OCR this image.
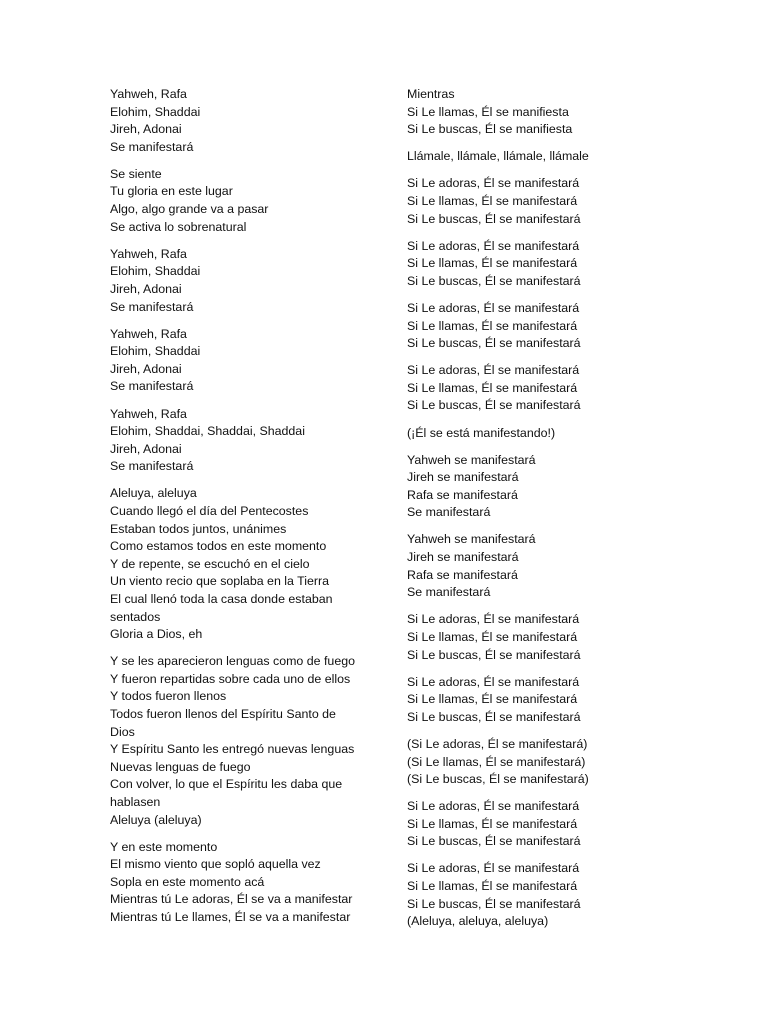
Yahweh, Rafa
Elohim, Shaddai
Jireh, Adonai
Se manifestará
Se siente
Tu gloria en este lugar
Algo, algo grande va a pasar
Se activa lo sobrenatural
Yahweh, Rafa
Elohim, Shaddai
Jireh, Adonai
Se manifestará
Yahweh, Rafa
Elohim, Shaddai
Jireh, Adonai
Se manifestará
Yahweh, Rafa
Elohim, Shaddai, Shaddai, Shaddai
Jireh, Adonai
Se manifestará
Aleluya, aleluya
Cuando llegó el día del Pentecostes
Estaban todos juntos, unánimes
Como estamos todos en este momento
Y de repente, se escuchó en el cielo
Un viento recio que soplaba en la Tierra
El cual llenó toda la casa donde estaban
sentados
Gloria a Dios, eh
Y se les aparecieron lenguas como de fuego
Y fueron repartidas sobre cada uno de ellos
Y todos fueron llenos
Todos fueron llenos del Espíritu Santo de
Dios
Y Espíritu Santo les entregó nuevas lenguas
Nuevas lenguas de fuego
Con volver, lo que el Espíritu les daba que
hablasen
Aleluya (aleluya)
Y en este momento
El mismo viento que sopló aquella vez
Sopla en este momento acá
Mientras tú Le adoras, Él se va a manifestar
Mientras tú Le llames, Él se va a manifestar
Mientras
Si Le llamas, Él se manifiesta
Si Le buscas, Él se manifiesta
Llámale, llámale, llámale, llámale
Si Le adoras, Él se manifestará
Si Le llamas, Él se manifestará
Si Le buscas, Él se manifestará
Si Le adoras, Él se manifestará
Si Le llamas, Él se manifestará
Si Le buscas, Él se manifestará
Si Le adoras, Él se manifestará
Si Le llamas, Él se manifestará
Si Le buscas, Él se manifestará
Si Le adoras, Él se manifestará
Si Le llamas, Él se manifestará
Si Le buscas, Él se manifestará
(¡Él se está manifestando!)
Yahweh se manifestará
Jireh se manifestará
Rafa se manifestará
Se manifestará
Yahweh se manifestará
Jireh se manifestará
Rafa se manifestará
Se manifestará
Si Le adoras, Él se manifestará
Si Le llamas, Él se manifestará
Si Le buscas, Él se manifestará
Si Le adoras, Él se manifestará
Si Le llamas, Él se manifestará
Si Le buscas, Él se manifestará
(Si Le adoras, Él se manifestará)
(Si Le llamas, Él se manifestará)
(Si Le buscas, Él se manifestará)
Si Le adoras, Él se manifestará
Si Le llamas, Él se manifestará
Si Le buscas, Él se manifestará
Si Le adoras, Él se manifestará
Si Le llamas, Él se manifestará
Si Le buscas, Él se manifestará
(Aleluya, aleluya, aleluya)
